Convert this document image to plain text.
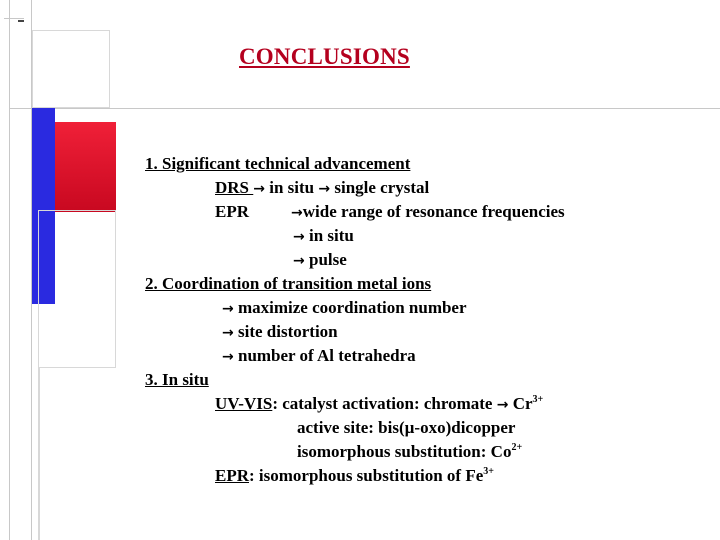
CONCLUSIONS
1. Significant technical advancement
DRS → in situ → single crystal
EPR	→wide range of resonance frequencies
→ in situ
→ pulse
2. Coordination of transition metal ions
→ maximize coordination number
→ site distortion
→ number of Al tetrahedra
3. In situ
UV-VIS: catalyst activation: chromate → $Cr^{3+}$
active site: bis(µ-oxo)dicopper
isomorphous substitution: $Co^{2+}$
EPR: isomorphous substitution of $Fe^{3+}$
